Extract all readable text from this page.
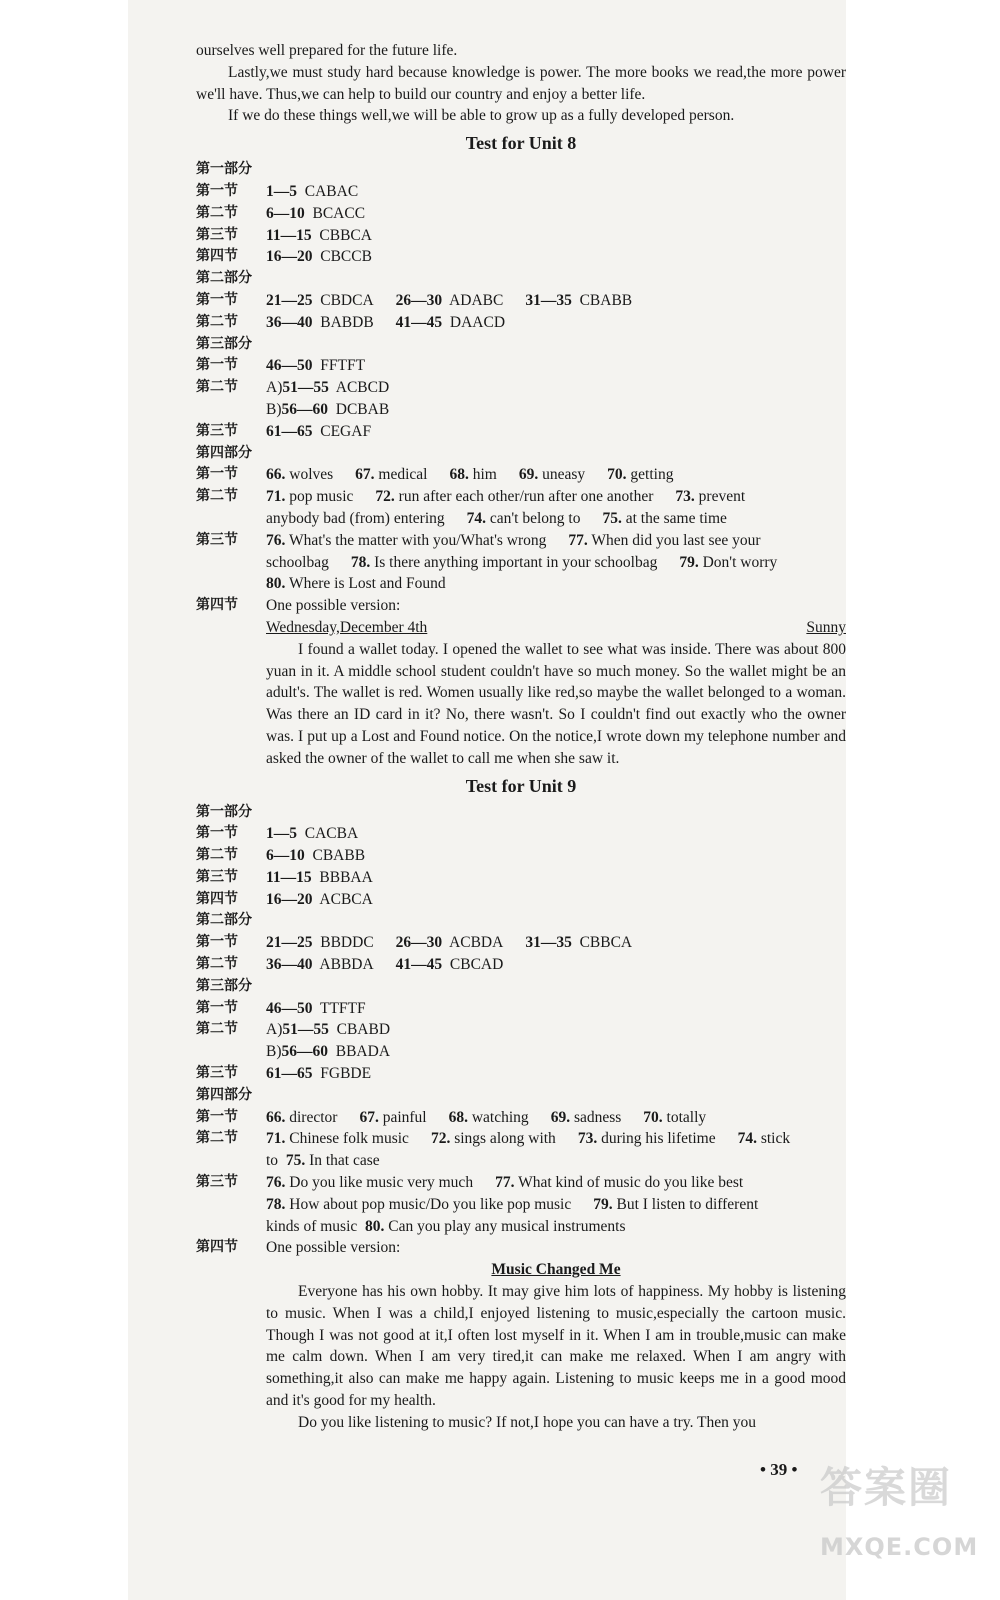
ourselves well prepared for the future life.

Lastly,we must study hard because knowledge is power. The more books we read,the more power we'll have. Thus,we can help to build our country and enjoy a better life.

If we do these things well,we will be able to grow up as a fully developed person.

Test for Unit 8
第一部分
第一节 1—5 CABAC
第二节 6—10 BCACC
第三节 11—15 CBBCA
第四节 16—20 CBCCB
第二部分
第一节 21—25 CBDCA 26—30 ADABC 31—35 CBABB
第二节 36—40 BABDB 41—45 DAACD
第三部分
第一节 46—50 FFTFT
第二节 A)51—55 ACBCD
B)56—60 DCBAB
第三节 61—65 CEGAF
第四部分
第一节 66. wolves 67. medical 68. him 69. uneasy 70. getting
第二节 71. pop music 72. run after each other/run after one another 73. prevent
anybody bad (from) entering 74. can't belong to 75. at the same time
第三节 76. What's the matter with you/What's wrong 77. When did you last see your
schoolbag 78. Is there anything important in your schoolbag 79. Don't worry
80. Where is Lost and Found
第四节 One possible version:
Wednesday,December 4th	Sunny

I found a wallet today. I opened the wallet to see what was inside. There was about 800 yuan in it. A middle school student couldn't have so much money. So the wallet might be an adult's. The wallet is red. Women usually like red,so maybe the wallet belonged to a woman. Was there an ID card in it? No, there wasn't. So I couldn't find out exactly who the owner was. I put up a Lost and Found notice. On the notice,I wrote down my telephone number and asked the owner of the wallet to call me when she saw it.

Test for Unit 9
第一部分
第一节 1—5 CACBA
第二节 6—10 CBABB
第三节 11—15 BBBAA
第四节 16—20 ACBCA
第二部分
第一节 21—25 BBDDC 26—30 ACBDA 31—35 CBBCA
第二节 36—40 ABBDA 41—45 CBCAD
第三部分
第一节 46—50 TTFTF
第二节 A)51—55 CBABD
B)56—60 BBADA
第三节 61—65 FGBDE
第四部分
第一节 66. director 67. painful 68. watching 69. sadness 70. totally
第二节 71. Chinese folk music 72. sings along with 73. during his lifetime 74. stick
to 75. In that case
第三节 76. Do you like music very much 77. What kind of music do you like best
78. How about pop music/Do you like pop music 79. But I listen to different
kinds of music 80. Can you play any musical instruments
第四节 One possible version:
Music Changed Me

Everyone has his own hobby. It may give him lots of happiness. My hobby is listening to music. When I was a child,I enjoyed listening to music,especially the cartoon music. Though I was not good at it,I often lost myself in it. When I am in trouble,music can make me calm down. When I am very tired,it can make me relaxed. When I am angry with something,it also can make me happy again. Listening to music keeps me in a good mood and it's good for my health.

Do you like listening to music? If not,I hope you can have a try. Then you

• 39 • 答案圈
MXQE.COM
